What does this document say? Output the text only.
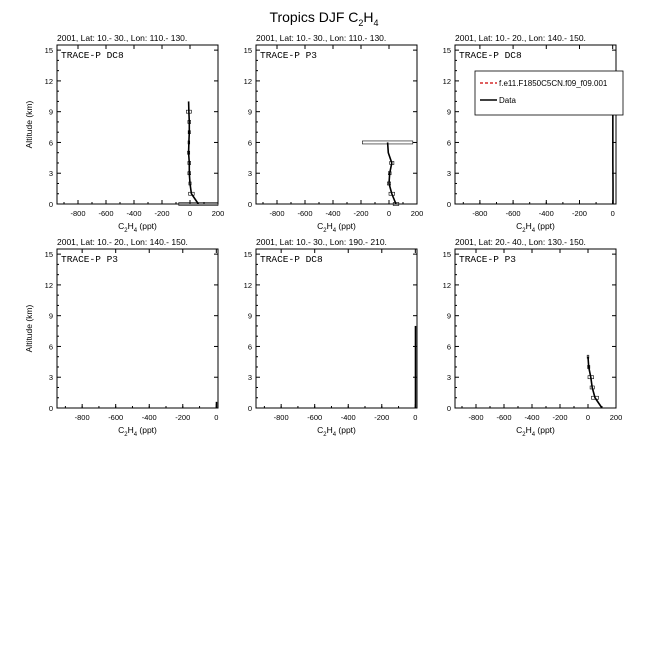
Tropics DJF $C_2H_4$
2001, Lat: 10.- 30., Lon: 110.- 130.
TRACE-P DC8
-800 -600 -400 -200 0	200
0
3
6
9
12
15
$C_2H_4$ (ppt)
Altitude (km)
2001, Lat: 10.- 30., Lon: 110.- 130.
TRACE-P P3
-800 -600 -400 -200 0	200
0
3
6
9
12
15
$C_2H_4$ (ppt)
2001, Lat: 10.- 20., Lon: 140.- 150.
TRACE-P DC8
-800 -600 -400 -200	0
0
3
6
9
12
15
$C_2H_4$ (ppt)
f.e11.F1850C5CN.f09_f09.001
Data
2001, Lat: 10.- 20., Lon: 140.- 150.
TRACE-P P3
-800 -600 -400 -200	0
0
3
6
9
12
15
$C_2H_4$ (ppt)
Altitude (km)
2001, Lat: 10.- 30., Lon: 190.- 210.
TRACE-P DC8
-800 -600 -400 -200	0
0
3
6
9
12
15
$C_2H_4$ (ppt)
2001, Lat: 20.- 40., Lon: 130.- 150.
TRACE-P P3
-800 -600 -400 -200 0	200
0
3
6
9
12
15
$C_2H_4$ (ppt)
